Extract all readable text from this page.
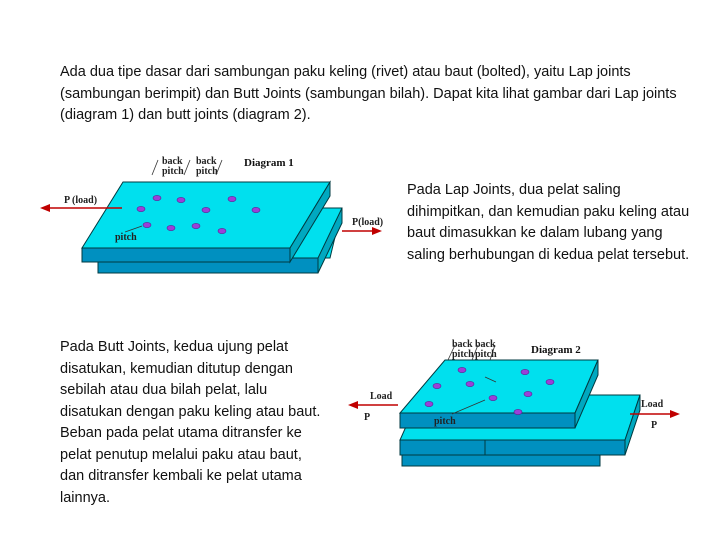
Ada dua tipe dasar dari sambungan paku keling (rivet) atau baut (bolted), yaitu Lap joints (sambungan berimpit) dan Butt Joints (sambungan bilah). Dapat kita lihat gambar dari Lap joints (diagram 1) dan butt joints (diagram 2).
Pada Lap Joints, dua pelat saling dihimpitkan, dan kemudian paku keling atau baut dimasukkan ke dalam lubang yang saling berhubungan di kedua pelat tersebut.
Pada Butt Joints, kedua ujung pelat disatukan, kemudian ditutup dengan sebilah atau dua bilah pelat, lalu disatukan dengan paku keling atau baut. Beban pada pelat utama ditransfer ke pelat penutup melalui paku atau baut, dan ditransfer kembali ke pelat utama lainnya.
back
pitch
back
pitch
Diagram 1
P (load)
P(load)
pitch
back
pitch
back
pitch	Diagram 2
Load
P
Load
P
pitch
